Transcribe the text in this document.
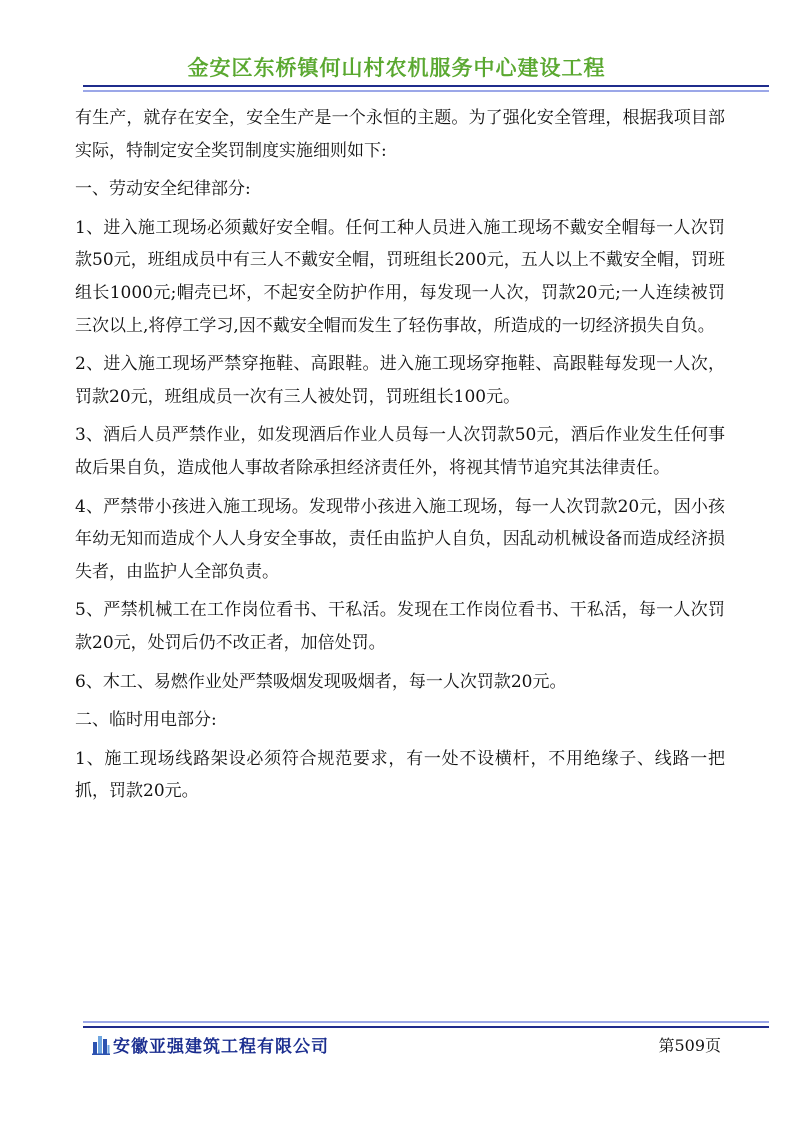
金安区东桥镇何山村农机服务中心建设工程

有生产，就存在安全，安全生产是一个永恒的主题。为了强化安全管理，根据我项目部实际，特制定安全奖罚制度实施细则如下:

一、劳动安全纪律部分:

1、进入施工现场必须戴好安全帽。任何工种人员进入施工现场不戴安全帽每一人次罚款50元，班组成员中有三人不戴安全帽，罚班组长200元，五人以上不戴安全帽，罚班组长1000元;帽壳已坏，不起安全防护作用，每发现一人次，罚款20元;一人连续被罚三次以上,将停工学习,因不戴安全帽而发生了轻伤事故，所造成的一切经济损失自负。

2、进入施工现场严禁穿拖鞋、高跟鞋。进入施工现场穿拖鞋、高跟鞋每发现一人次，罚款20元，班组成员一次有三人被处罚，罚班组长100元。

3、酒后人员严禁作业，如发现酒后作业人员每一人次罚款50元，酒后作业发生任何事故后果自负，造成他人事故者除承担经济责任外，将视其情节追究其法律责任。

4、严禁带小孩进入施工现场。发现带小孩进入施工现场，每一人次罚款20元，因小孩年幼无知而造成个人人身安全事故，责任由监护人自负，因乱动机械设备而造成经济损失者，由监护人全部负责。

5、严禁机械工在工作岗位看书、干私活。发现在工作岗位看书、干私活，每一人次罚款20元，处罚后仍不改正者，加倍处罚。

6、木工、易燃作业处严禁吸烟发现吸烟者，每一人次罚款20元。

二、临时用电部分:

1、施工现场线路架设必须符合规范要求，有一处不设横杆，不用绝缘子、线路一把抓，罚款20元。

安徽亚强建筑工程有限公司	第509页
